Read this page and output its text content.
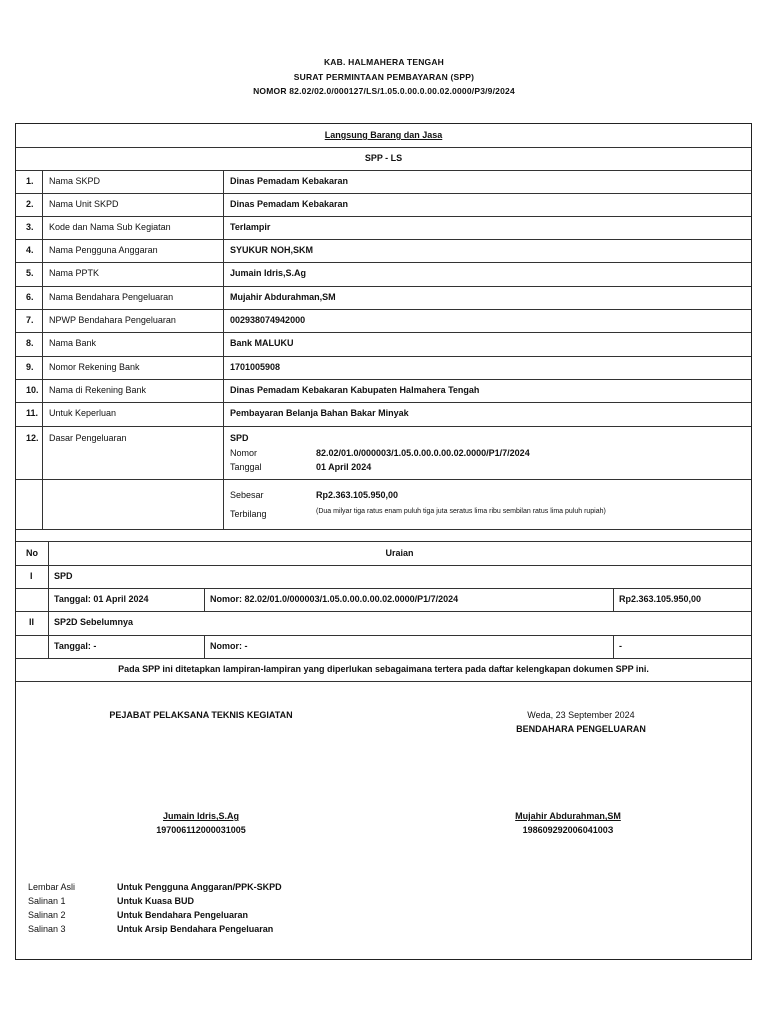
KAB. HALMAHERA TENGAH
SURAT PERMINTAAN PEMBAYARAN (SPP)
NOMOR 82.02/02.0/000127/LS/1.05.0.00.0.00.02.0000/P3/9/2024
Langsung Barang dan Jasa
SPP - LS
1. Nama SKPD	Dinas Pemadam Kebakaran
2. Nama Unit SKPD	Dinas Pemadam Kebakaran
3. Kode dan Nama Sub Kegiatan	Terlampir
4. Nama Pengguna Anggaran	SYUKUR NOH,SKM
5. Nama PPTK	Jumain Idris,S.Ag
6. Nama Bendahara Pengeluaran	Mujahir Abdurahman,SM
7. NPWP Bendahara Pengeluaran	002938074942000
8. Nama Bank	Bank MALUKU
9. Nomor Rekening Bank	1701005908
10. Nama di Rekening Bank	Dinas Pemadam Kebakaran Kabupaten Halmahera Tengah
11. Untuk Keperluan	Pembayaran Belanja Bahan Bakar Minyak
12. Dasar Pengeluaran	SPD
Nomor	82.02/01.0/000003/1.05.0.00.0.00.02.0000/P1/7/2024
Tanggal	01 April 2024
Sebesar	Rp2.363.105.950,00
Terbilang	(Dua milyar tiga ratus enam puluh tiga juta seratus lima ribu sembilan ratus lima puluh rupiah)
No	Uraian
I SPD
Tanggal: 01 April 2024	Nomor: 82.02/01.0/000003/1.05.0.00.0.00.02.0000/P1/7/2024	Rp2.363.105.950,00
II SP2D Sebelumnya
Tanggal: -	Nomor: -	-
Pada SPP ini ditetapkan lampiran-lampiran yang diperlukan sebagaimana tertera pada daftar kelengkapan dokumen SPP ini.
PEJABAT PELAKSANA TEKNIS KEGIATAN	Weda, 23 September 2024
BENDAHARA PENGELUARAN
Jumain Idris,S.Ag
197006112000031005
Mujahir Abdurahman,SM
19860929200604100З
Lembar Asli	Untuk Pengguna Anggaran/PPK-SKPD
Salinan 1	Untuk Kuasa BUD
Salinan 2	Untuk Bendahara Pengeluaran
Salinan 3	Untuk Arsip Bendahara Pengeluaran
